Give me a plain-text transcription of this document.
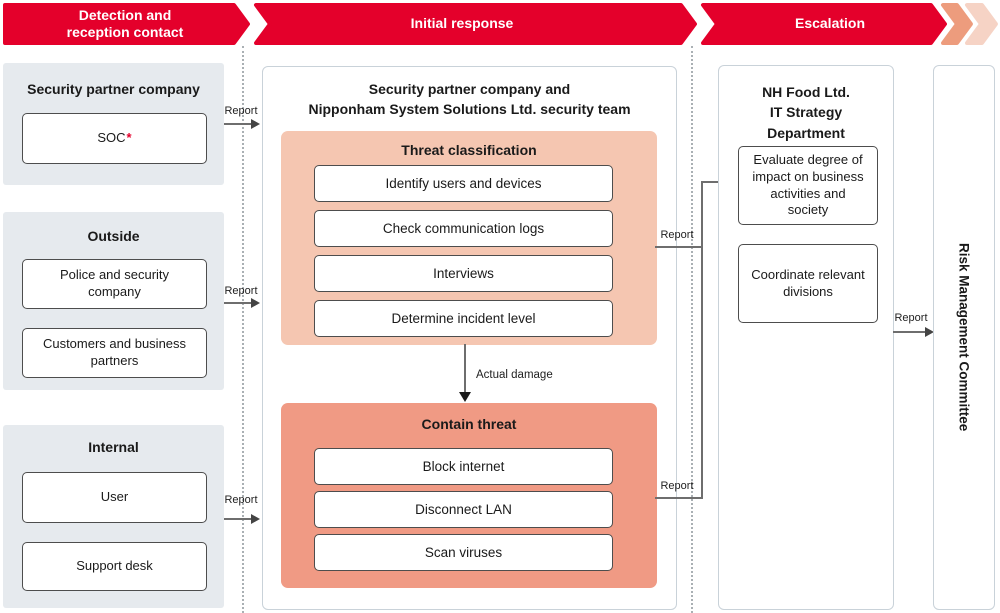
Detection and reception contact
Initial response	Escalation
Security partner company
SOC *
Outside
Police and security company
Customers and business partners
Internal
User
Support desk
Report
Report
Report
Security partner company and
Nipponham System Solutions Ltd. security team
Threat classification
Identify users and devices
Check communication logs
Interviews
Determine incident level
Contain threat
Block internet
Disconnect LAN
Scan viruses
Actual damage
Report
Report
NH Food Ltd. IT Strategy Department
Evaluate degree of impact on business activities and society
Coordinate relevant divisions
Report	Risk Management Committee
